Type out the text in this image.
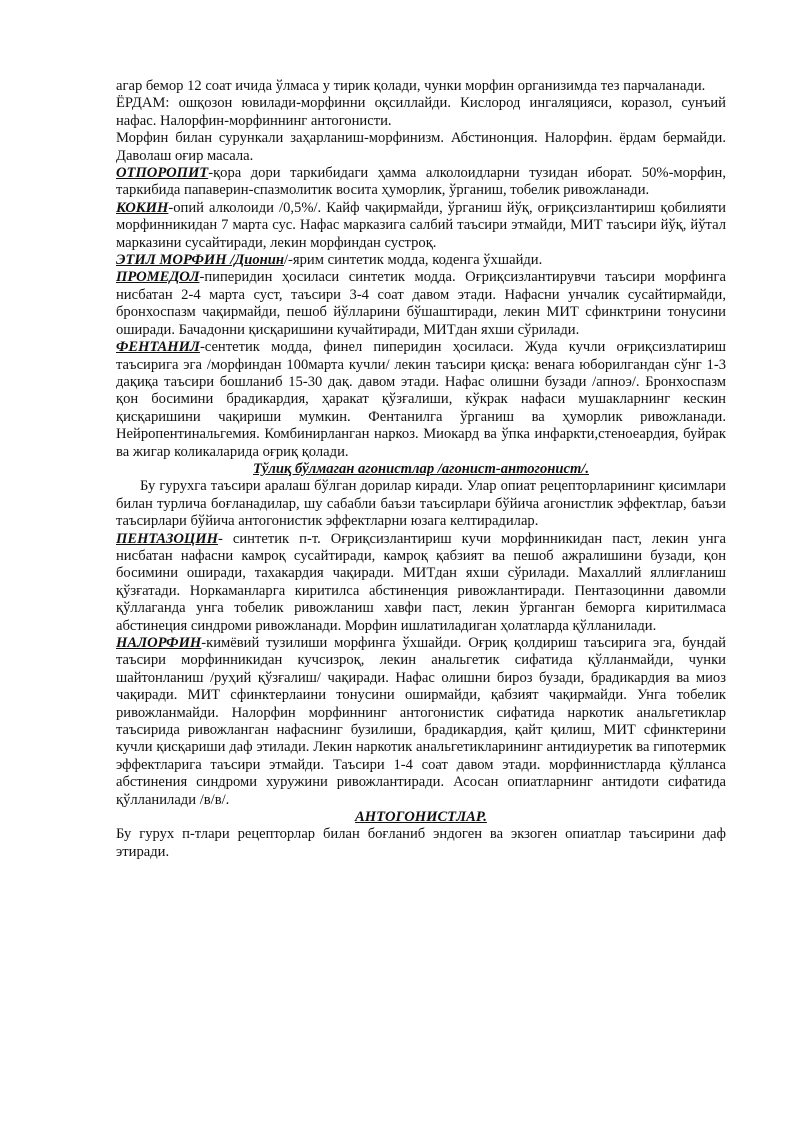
агар бемор 12 соат ичида ўлмаса у тирик қолади, чунки морфин организимда тез парчаланади.

ЁРДАМ: ошқозон ювилади-морфинни оқсиллайди. Кислород ингаляцияси, коразол, сунъий нафас. Налорфин-морфиннинг антогонисти.

Морфин билан сурункали заҳарланиш-морфинизм. Абстинонция. Налорфин. ёрдам бермайди. Даволаш оғир масала.

ОТПОРОПИТ-қора дори таркибидаги ҳамма алколоидларни тузидан иборат. 50%-морфин, таркибида папаверин-спазмолитик восита ҳуморлик, ўрганиш, тобелик ривожланади.

КОКИН-опий алколоиди /0,5%/. Кайф чақирмайди, ўрганиш йўқ, оғриқсизлантириш қобилияти морфинникидан 7 марта сус. Нафас марказига салбий таъсири этмайди, МИТ таъсири йўқ, йўтал марказини сусайтиради, лекин морфиндан сустроқ.

ЭТИЛ МОРФИН /Дионин/-ярим синтетик модда, коденга ўхшайди.

ПРОМЕДОЛ-пиперидин ҳосиласи синтетик модда. Оғриқсизлантирувчи таъсири морфинга нисбатан 2-4 марта суст, таъсири 3-4 соат давом этади. Нафасни унчалик сусайтирмайди, бронхоспазм чақирмайди, пешоб йўлларини бўшаштиради, лекин МИТ сфинктрини тонусини оширади. Бачадонни қисқаришини кучайтиради, МИТдан яхши сўрилади.

ФЕНТАНИЛ-сентетик модда, финел пиперидин ҳосиласи. Жуда кучли оғриқсизлатириш таъсирига эга /морфиндан 100марта кучли/ лекин таъсири қисқа: венага юборилгандан сўнг 1-3 дақиқа таъсири бошланиб 15-30 дақ. давом этади. Нафас олишни бузади /апноэ/. Бронхоспазм қон босимини брадикардия, ҳаракат қўзғалиши, кўкрак нафаси мушакларнинг кескин қисқаришини чақириши мумкин. Фентанилга ўрганиш ва ҳуморлик ривожланади. Нейропентинальгемия. Комбинирланган наркоз. Миокард ва ўпка инфаркти,стеноеардия, буйрак ва жигар коликаларида оғриқ қолади.

Тўлиқ бўлмаган агонистлар /агонист-антогонист/.

Бу гурухга таъсири аралаш бўлган дорилар киради. Улар опиат рецепторларининг қисимлари билан турлича боғланадилар, шу сабабли баъзи таъсирлари бўйича агонистлик эффектлар, баъзи таъсирлари бўйича антогонистик эффектларни юзага келтирадилар.

ПЕНТАЗОЦИН- синтетик п-т. Оғриқсизлантириш кучи морфинникидан паст, лекин унга нисбатан нафасни камроқ сусайтиради, камроқ қабзият ва пешоб ажралишини бузади, қон босимини оширади, тахакардия чақиради. МИТдан яхши сўрилади. Махаллий яллиғланиш қўзғатади. Норкаманларга киритилса абстиненция ривожлантиради. Пентазоцинни давомли қўллаганда унга тобелик ривожланиш хавфи паст, лекин ўрганган беморга киритилмаса абстинеция синдроми ривожланади. Морфин ишлатиладиган ҳолатларда қўлланилади.

НАЛОРФИН-кимёвий тузилиши морфинга ўхшайди. Оғриқ қолдириш таъсирига эга, бундай таъсири морфинникидан кучсизроқ, лекин анальгетик сифатида қўлланмайди, чунки шайтонланиш /руҳий қўзғалиш/ чақиради. Нафас олишни бироз бузади, брадикардия ва миоз чақиради. МИТ сфинктерлаини тонусини оширмайди, қабзият чақирмайди. Унга тобелик ривожланмайди. Налорфин морфиннинг антогонистик сифатида наркотик анальгетиклар таъсирида ривожланган нафаснинг бузилиши, брадикардия, қайт қилиш, МИТ сфинктерини кучли қисқариши даф этилади. Лекин наркотик анальгетикларининг антидиуретик ва гипотермик эффектларига таъсири этмайди. Таъсири 1-4 соат давом этади. морфиннистларда қўлланса абстинения синдроми хуружини ривожлантиради. Асосан опиатларнинг антидоти сифатида қўлланилади /в/в/.

АНТОГОНИСТЛАР.

Бу гурух п-тлари рецепторлар билан боғланиб эндоген ва экзоген опиатлар таъсирини даф этиради.
